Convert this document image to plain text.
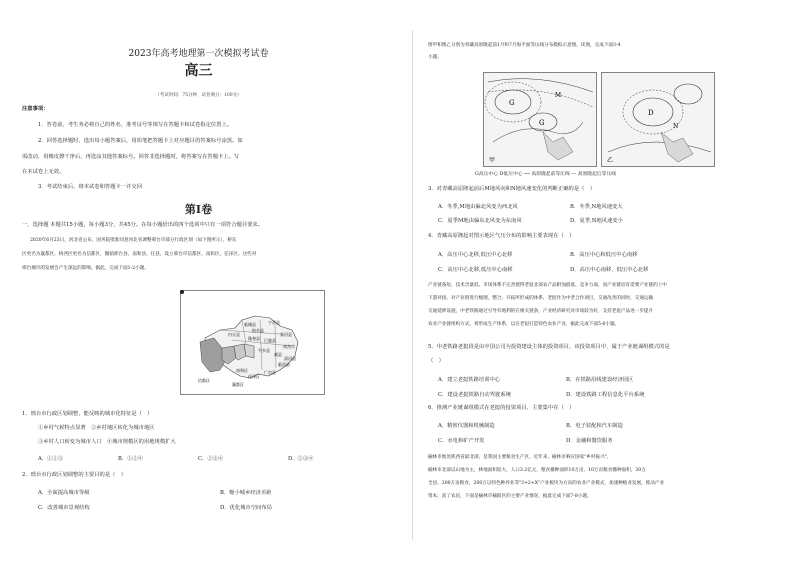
2023年高考地理第一次模拟考试卷
高三
（考试时间：75分钟　试卷满分：100分）
注意事项：
1．答卷前，考生务必将自己的姓名、准考证号等填写在答题卡和试卷指定位置上。
2．回答选择题时，选出每小题答案后，用铅笔把答题卡上对应题目的答案标号涂黑。如
需改动，用橡皮擦干净后，再选涂其他答案标号。回答非选择题时，将答案写在答题卡上。写
在本试卷上无效。
3．考试结束后，将本试卷和答题卡一并交回
第Ⅰ卷
一、选择题 本题共15小题，每小题3分，共45分。在每小题给出的四个选项中只有一项符合题目要求。
2020年6月23日，河北省公布，国务院批准同意河北省调整邢台市部分行政区划（如下图所示），桥东
区更名为襄都区，桥西区更名为信都区，撤销邢台县、南和县、任县，设立邢台市信都区、南和区、任泽区。这些对
邢台城市的发展会产生深远的影响。据此，完成下面1-2小题。
临城县
内丘县
柏乡县
宁晋县
隆尧县
新河县
巨鹿县
南宫市
信都区
襄都区
南和区
任泽区
广宗县
平乡县
威县
清河县
临西县
1．邢台市行政区划调整，能反映的城市化特征是（　）
①乡村气候特点显著　②乡村地区转化为城市地区
③乡村人口转变为城市人口　④城市规模区的用地规模扩大
A．①②③	B．①②④	C．②③④	D．①③④
2．邢台市行政区划调整的主要目的是（　）
A．全面提高城市等级	B．缩小城乡经济差距
C．改善城市景观结构	D．优化城市空间布局
图甲和图乙分别为青藏高原隆起前1月和7月海平面等压线分布模拟示意图。读图，完成下面3-4
小题。
G
M
G	N
D
甲	乙
G高压中心 D低压中心 ── 高原隆起前等压线 --- 高原隆起后等压线
3．对青藏高原隆起前后M地风向和N地风速变化的判断正确的是（　）
A．冬季,M地由偏北风变为西北风	B．冬季,N地风速变大
C．夏季M地由偏东北风变为东南风	D．夏季,N地风速变小
4．青藏高原隆起对图示地区气压分布的影响主要表现在（　）
A．高压中心北移,低压中心北移	B．高压中心和低压中心南移
C．高压中心北移,低压中心南移	D．高压中心南移、低压中心北移
产业链条短、技术含量低、市场体系不完善使得老挝北部农产品附加值低、竞争力弱，而产业链培育需要产业链的上中
下游对接。对产业链进行梳理，整合、开拓所形成的体系，老挝作为中老合作项目，交通改善的同时，交通运输
交通延伸设施，中老铁路通过引导有地利的在相关链条，产业经济研究对市场较为好，支持老挝产品进一步提升
农业产业链组织方式，将形成生产体系，以在老挝打造特色农业产业，据此完成下面5-6小题。
5．中老铁路老挝段是由中国公司为投资建设主体的投资项目，该投资项目中，属于产业链谋组模式的是
（　）
A．建立老挝铁路培训中心	B．在铁路沿线建设经济园区
C．建设老挝铁路自动驾驶系统	D．建设铁路工程信息化平台系统
6．推测产业链谋组模式在老挝的投资项目，主要集中在（　）
A．精密仪器和机械制造	B．电子装配和汽车制造
C．水电和矿产开发	D．金融和餐饮服务
榆林市地处陕西省最北部，是我国主要粮食生产区，近年来，榆林市响应国家"乡村振兴"，
榆林市北部以山地为主，林地面积较大，人口3.2亿元，粮食播种面积10万亩，10万亩粮食播种面积，30万
全县，200万亩粮食，200万以特色种养业等"3+2+X"产业板块为方向的农业产业模式，加速种植业发展，推动产业
资本，富了农民，下面是榆林市榆阳区的主要产业情况，据此完成下面7-8小题。
